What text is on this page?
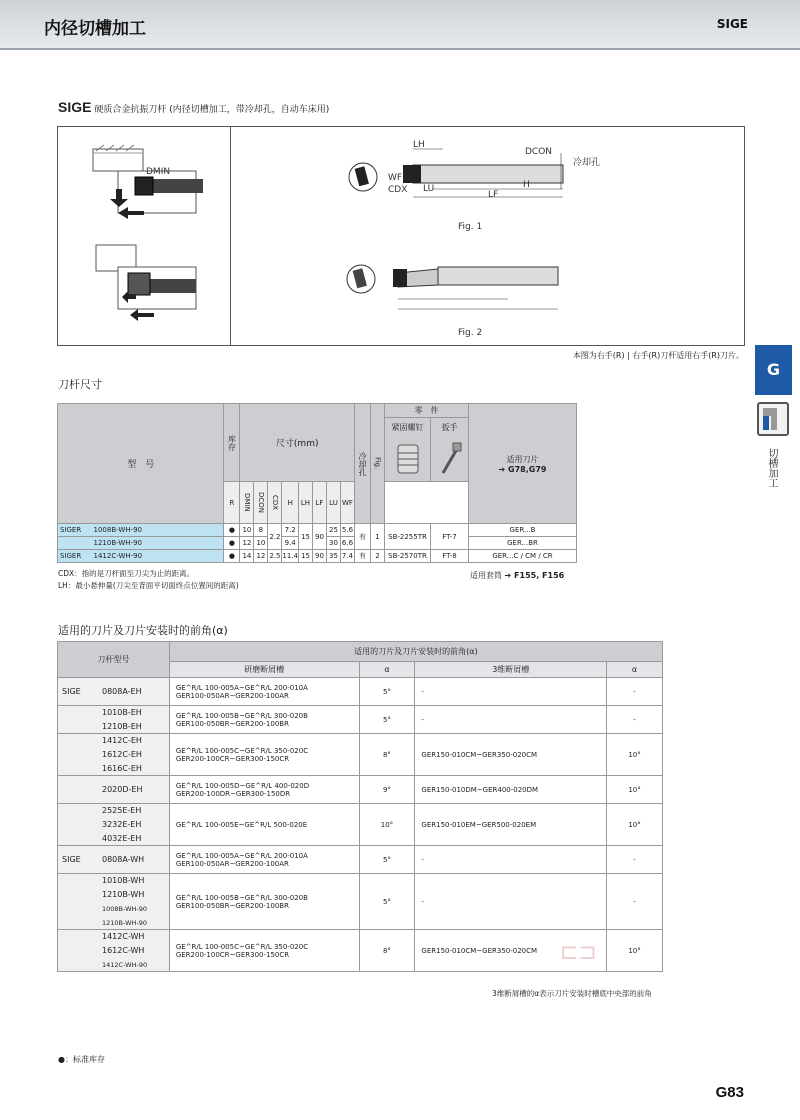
内径切槽加工	SIGE
SIGE 硬质合金抗振刀杆 (内径切槽加工，带冷却孔，自动车床用)
DMIN
LH
DCON
冷却孔
WF
LU
LF
H
CDX
Fig. 1
Fig. 2
本图为右手(R) | 右手(R)刀杆适用右手(R)刀片。
G
切槽加工
刀杆尺寸
型　号		库存	尺寸(mm)								冷却孔	Fig.	零　件		适用刀片
➔ G78,G79

													紧固螺钉	扳手	

		R	DMIN	DCON	CDX	H	LH	LF	LU	WF					
SIGER	1008B-WH-90	●	10	8	2.2	7.2	15	90	25	5.6	有	1	SB-2255TR	FT-7	GER...B
	1210B-WH-90	●	12	10		9.4			30	6.6					GER...BR
SIGER	1412C-WH-90	●	14	12	2.5	11.4	15	90	35	7.4	有	2	SB-2570TR	FT-8	GER...C / CM / CR
CDX：指的是刀杆面至刀尖为止的距离。
LH：最小悬伸量(刀尖至背面平切面终点位置间的距离)
适用套筒 ➔ F155, F156
适用的刀片及刀片安装时的前角(α)
刀杆型号	适用的刀片及刀片安装时的前角(α)			
	研磨断屑槽	α	3维断屑槽	α
SIGE 0808A-EH	GE^R/L 100-005A~GE^R/L 200-010A
GER100-050AR~GER200-100AR	5°	-	-
1010B-EH	GE^R/L 100-005B~GE^R/L 300-020B
GER100-050BR~GER200-100BR	5°	-	-
1210B-EH				
1412C-EH	GE^R/L 100-005C~GE^R/L 350-020C
GER200-100CR~GER300-150CR	8°	GER150-010CM~GER350-020CM	10°
1612C-EH				
1616C-EH				
2020D-EH	GE^R/L 100-005D~GE^R/L 400-020D
GER200-100DR~GER300-150DR	9°	GER150-010DM~GER400-020DM	10°
2525E-EH	GE^R/L 100-005E~GE^R/L 500-020E	10°	GER150-010EM~GER500-020EM	10°
3232E-EH				
4032E-EH				
SIGE 0808A-WH	GE^R/L 100-005A~GE^R/L 200-010A
GER100-050AR~GER200-100AR	5°	-	-
1010B-WH	GE^R/L 100-005B~GE^R/L 300-020B
GER100-050BR~GER200-100BR	5°	-	-
1210B-WH				
1008B-WH-90				
1210B-WH-90				
1412C-WH	GE^R/L 100-005C~GE^R/L 350-020C
GER200-100CR~GER300-150CR	8°	GER150-010CM~GER350-020CM	10°
1612C-WH				
1412C-WH-90				
3维断屑槽的α表示刀片安装时槽底中央部的前角
⊏⊐
●：标准库存
G83
